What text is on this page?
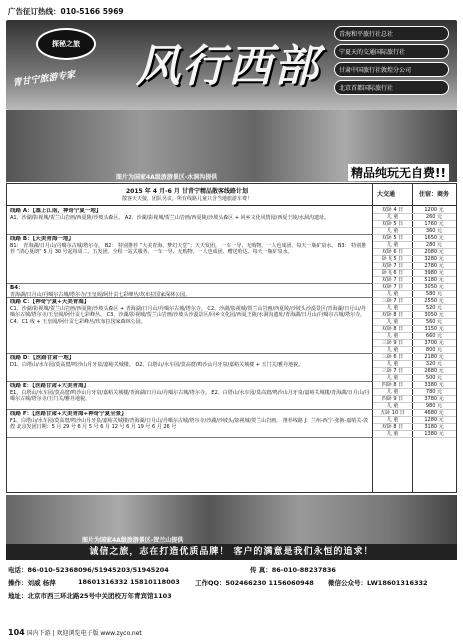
广告征订热线：010-5166 5969
探秘之旅
青甘宁旅游专家	风行西部
青海和平旅行社总社
宁夏天的交通国际旅行社
甘肃中国旅行社敦煌分公司
北京首都国际旅行社
图片为国家4A级旅游景区-水洞沟提供	精品纯玩无自费!!
2015 年 4 月-6 月 甘青宁精品散客线路计划
散客天天接，团队另议，所有线路儿童只含当地旅游车费！
大交通	住宿：商务
线路 A：【塞上江南，神奇宁夏一地】
A1、沙湖/影视城/贺兰山岩画/西夏陵/沙坡头森区。 A2、沙湖/影视城/贺兰山岩画/西夏陵/沙坡头森区 + 回乡文化风情园/西夏王陵/水洞沟遗址。
双卧 4 日	1200 元
儿 童	260 元
双卧 5 日	1760 元
儿 童	360 元
线路 B：【天美青海一地】
B1： 青海湖/日月山/丹噶尔古城/塔尔寺。 B2： 特别推荐 “大美青海、梦幻天堂”；天天发团。 一车一导、无购物、一人也成团、每天一瓶矿泉水。 B3： 特别推荐 “清心夏朗” 5 月 30 号起每周二、五发团。全程一站式服务、一车一导、无购物、一人也成团、赠送哈达、每天一瓶矿泉水。
双卧 5 日	1650 元
儿 童	280 元
双卧 6 日	2080 元
卧飞 5 日	3280 元
双卧 7 日	2780 元
卧飞 6 日	3980 元
双卧 7 日	5180 元
B4：
青海湖/日月山/丹噶尔古城/塔尔寺/玉皇阁/阿什贡七彩峰丛/坎布拉国家深林公园。
双卧 7 日	3050 元
儿 童	580 元
线路 C：【神奇宁夏+天美青海】
C1、沙湖/影视城/贺兰山岩画/西夏陵/沙坡头森区 + 青海湖/日月山/丹噶尔古城/塔尔寺。 C2、沙湖/影视城/贺兰山岩画/西夏陵/沙坡头沙漠景区/青海湖/日月山/丹噶尔古城/塔尔寺/玉皇阁/阿什贡七彩峰丛。 C3、沙湖/影视城/贺兰山岩画/沙坡头沙漠景区/回乡文化园/西夏王陵/水洞沟遗址/青海湖/日月山/丹噶尔古城/塔尔寺。 C4、C1 线 + 玉皇阁/阿什贡七彩峰丛/坎布拉国家森林公园。
三卧 7 日	2550 元
儿 童	520 元
双卧 8 日	3050 元
儿 童	560 元
双卧 8 日	3150 元
儿 童	660 元
三卧 9 日	3700 元
儿 童	800 元
线路 D：【丝路甘肃一地】
D1、白塔山/水车园/莫高窟/鸣沙山月牙泉/嘉峪关城楼。 D2、白塔山/水车园/莫高窟/鸣沙山月牙泉/嘉峪关城楼 + 玉门关/雅丹地貌。
三卧 6 日	2180 元
儿 童	320 元
三卧 7 日	2680 元
儿 童	500 元
线路 E：【丝路甘肃+大美青海】
E1、白塔山/水车园/莫高窟/鸣沙山月牙泉/嘉峪关城楼/青海湖/日月山/丹噶尔古城/塔尔寺。 E2、白塔山/水车园/莫高窟/鸣沙山月牙泉/嘉峪关城楼/青海湖/日月山/丹噶尔古城/塔尔寺/玉门关/雅丹地貌。
四卧 8 日	3380 元
儿 童	780 元
四卧 9 日	3780 元
儿 童	980 元
线路 F：【丝路甘肃+大美青海+神奇宁夏全景】
F1、白塔山/水车园/莫高窟/鸣沙山月牙泉/嘉峪关城楼/青海湖/日月山/丹噶尔古城/塔尔寺/沙湖/沙坡头/影视城/贺兰山岩画。 推荐线路 J：兰州-西宁-张掖-嘉峪关-敦煌 北京发团日期：5 月 29 号 6 月 5 号 6 月 12 号 6 月 19 号 6 月 26 号
五卧 10 日	4680 元
儿 童	1280 元
双卧 8 日	3180 元
儿 童	1380 元
图片为国家4A级旅游景区-贺兰山提供
诚信之旅，志在打造优质品牌！ 客户的满意是我们永恒的追求！
电话：86-010-52368096/51945203/51945204	传 真：86-010-88237836
操作：刘威 杨萍	18601316332 15810118003 工作QQ：502466230 1156060948 微信公众号：LW18601316332
地址：北京市西三环北路25号中关团校万年青宾馆1103
104 国内下游 | 欢迎浏览电子版 www.zyco.net
